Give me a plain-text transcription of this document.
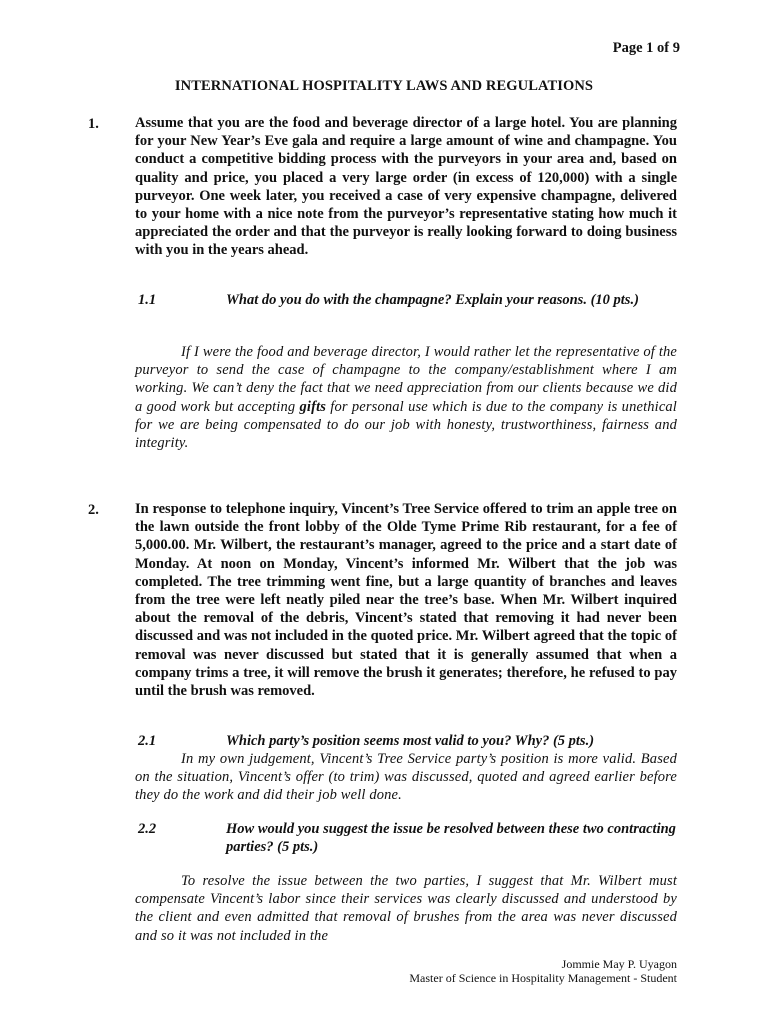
Page 1 of 9
INTERNATIONAL HOSPITALITY LAWS AND REGULATIONS
1. Assume that you are the food and beverage director of a large hotel. You are planning for your New Year’s Eve gala and require a large amount of wine and champagne. You conduct a competitive bidding process with the purveyors in your area and, based on quality and price, you placed a very large order (in excess of 120,000) with a single purveyor. One week later, you received a case of very expensive champagne, delivered to your home with a nice note from the purveyor’s representative stating how much it appreciated the order and that the purveyor is really looking forward to doing business with you in the years ahead.

1.1	What do you do with the champagne? Explain your reasons. (10 pts.)

If I were the food and beverage director, I would rather let the representative of the purveyor to send the case of champagne to the company/establishment where I am working. We can’t deny the fact that we need appreciation from our clients because we did a good work but accepting gifts for personal use which is due to the company is unethical for we are being compensated to do our job with honesty, trustworthiness, fairness and integrity.

2. In response to telephone inquiry, Vincent’s Tree Service offered to trim an apple tree on the lawn outside the front lobby of the Olde Tyme Prime Rib restaurant, for a fee of 5,000.00. Mr. Wilbert, the restaurant’s manager, agreed to the price and a start date of Monday. At noon on Monday, Vincent’s informed Mr. Wilbert that the job was completed. The tree trimming went fine, but a large quantity of branches and leaves from the tree were left neatly piled near the tree’s base. When Mr. Wilbert inquired about the removal of the debris, Vincent’s stated that removing it had never been discussed and was not included in the quoted price. Mr. Wilbert agreed that the topic of removal was never discussed but stated that it is generally assumed that when a company trims a tree, it will remove the brush it generates; therefore, he refused to pay until the brush was removed.

2.1	Which party’s position seems most valid to you? Why? (5 pts.)

In my own judgement, Vincent’s Tree Service party’s position is more valid. Based on the situation, Vincent’s offer (to trim) was discussed, quoted and agreed earlier before they do the work and did their job well done.

2.2	How would you suggest the issue be resolved between these two contracting parties? (5 pts.)

To resolve the issue between the two parties, I suggest that Mr. Wilbert must compensate Vincent’s labor since their services was clearly discussed and understood by the client and even admitted that removal of brushes from the area was never discussed and so it was not included in the

Jommie May P. Uyagon
Master of Science in Hospitality Management - Student
